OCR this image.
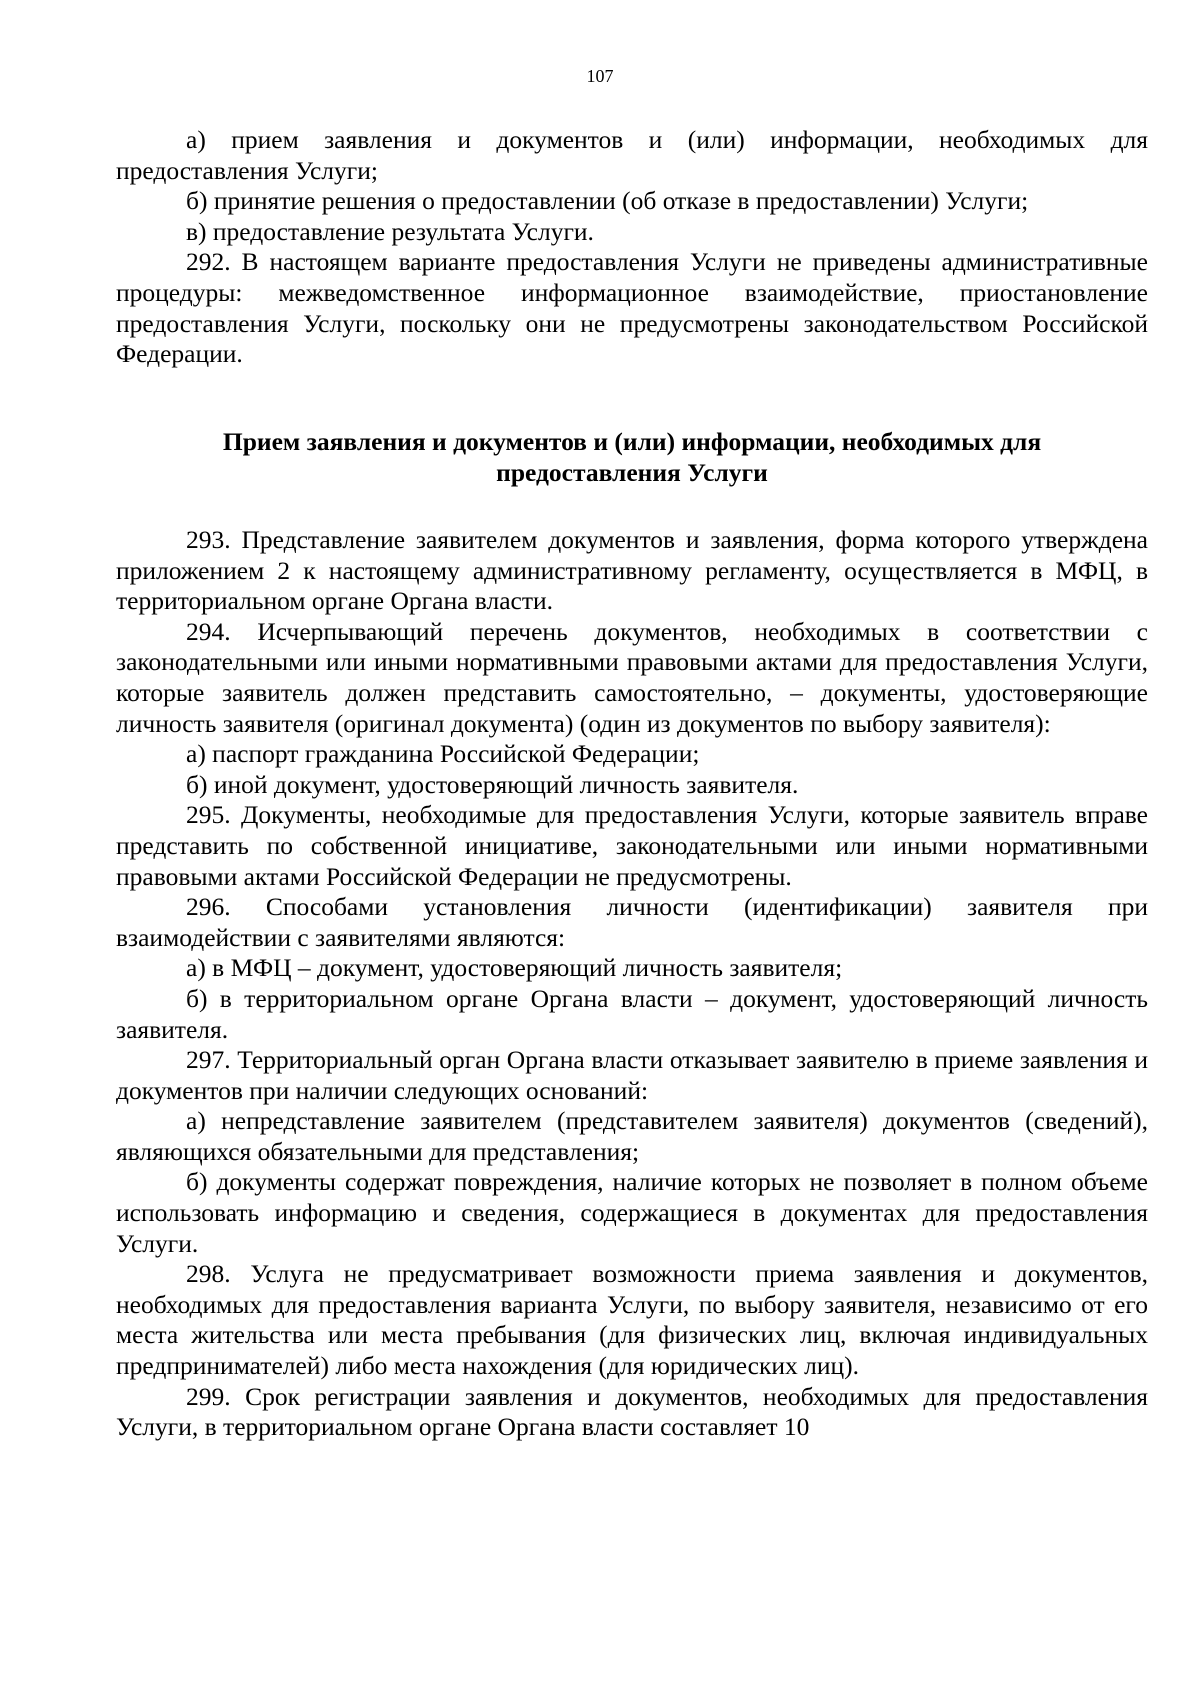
107

а) прием заявления и документов и (или) информации, необходимых для предоставления Услуги;

б) принятие решения о предоставлении (об отказе в предоставлении) Услуги;

в) предоставление результата Услуги.

292. В настоящем варианте предоставления Услуги не приведены административные процедуры: межведомственное информационное взаимодействие, приостановление предоставления Услуги, поскольку они не предусмотрены законодательством Российской Федерации.

Прием заявления и документов и (или) информации, необходимых для
предоставления Услуги

293. Представление заявителем документов и заявления, форма которого утверждена приложением 2 к настоящему административному регламенту, осуществляется в МФЦ, в территориальном органе Органа власти.

294. Исчерпывающий перечень документов, необходимых в соответствии с законодательными или иными нормативными правовыми актами для предоставления Услуги, которые заявитель должен представить самостоятельно, – документы, удостоверяющие личность заявителя (оригинал документа) (один из документов по выбору заявителя):

а) паспорт гражданина Российской Федерации;

б) иной документ, удостоверяющий личность заявителя.

295. Документы, необходимые для предоставления Услуги, которые заявитель вправе представить по собственной инициативе, законодательными или иными нормативными правовыми актами Российской Федерации не предусмотрены.

296. Способами установления личности (идентификации) заявителя при взаимодействии с заявителями являются:

а) в МФЦ – документ, удостоверяющий личность заявителя;

б) в территориальном органе Органа власти – документ, удостоверяющий личность заявителя.

297. Территориальный орган Органа власти отказывает заявителю в приеме заявления и документов при наличии следующих оснований:

а) непредставление заявителем (представителем заявителя) документов (сведений), являющихся обязательными для представления;

б) документы содержат повреждения, наличие которых не позволяет в полном объеме использовать информацию и сведения, содержащиеся в документах для предоставления Услуги.

298. Услуга не предусматривает возможности приема заявления и документов, необходимых для предоставления варианта Услуги, по выбору заявителя, независимо от его места жительства или места пребывания (для физических лиц, включая индивидуальных предпринимателей) либо места нахождения (для юридических лиц).

299. Срок регистрации заявления и документов, необходимых для предоставления Услуги, в территориальном органе Органа власти составляет 10
